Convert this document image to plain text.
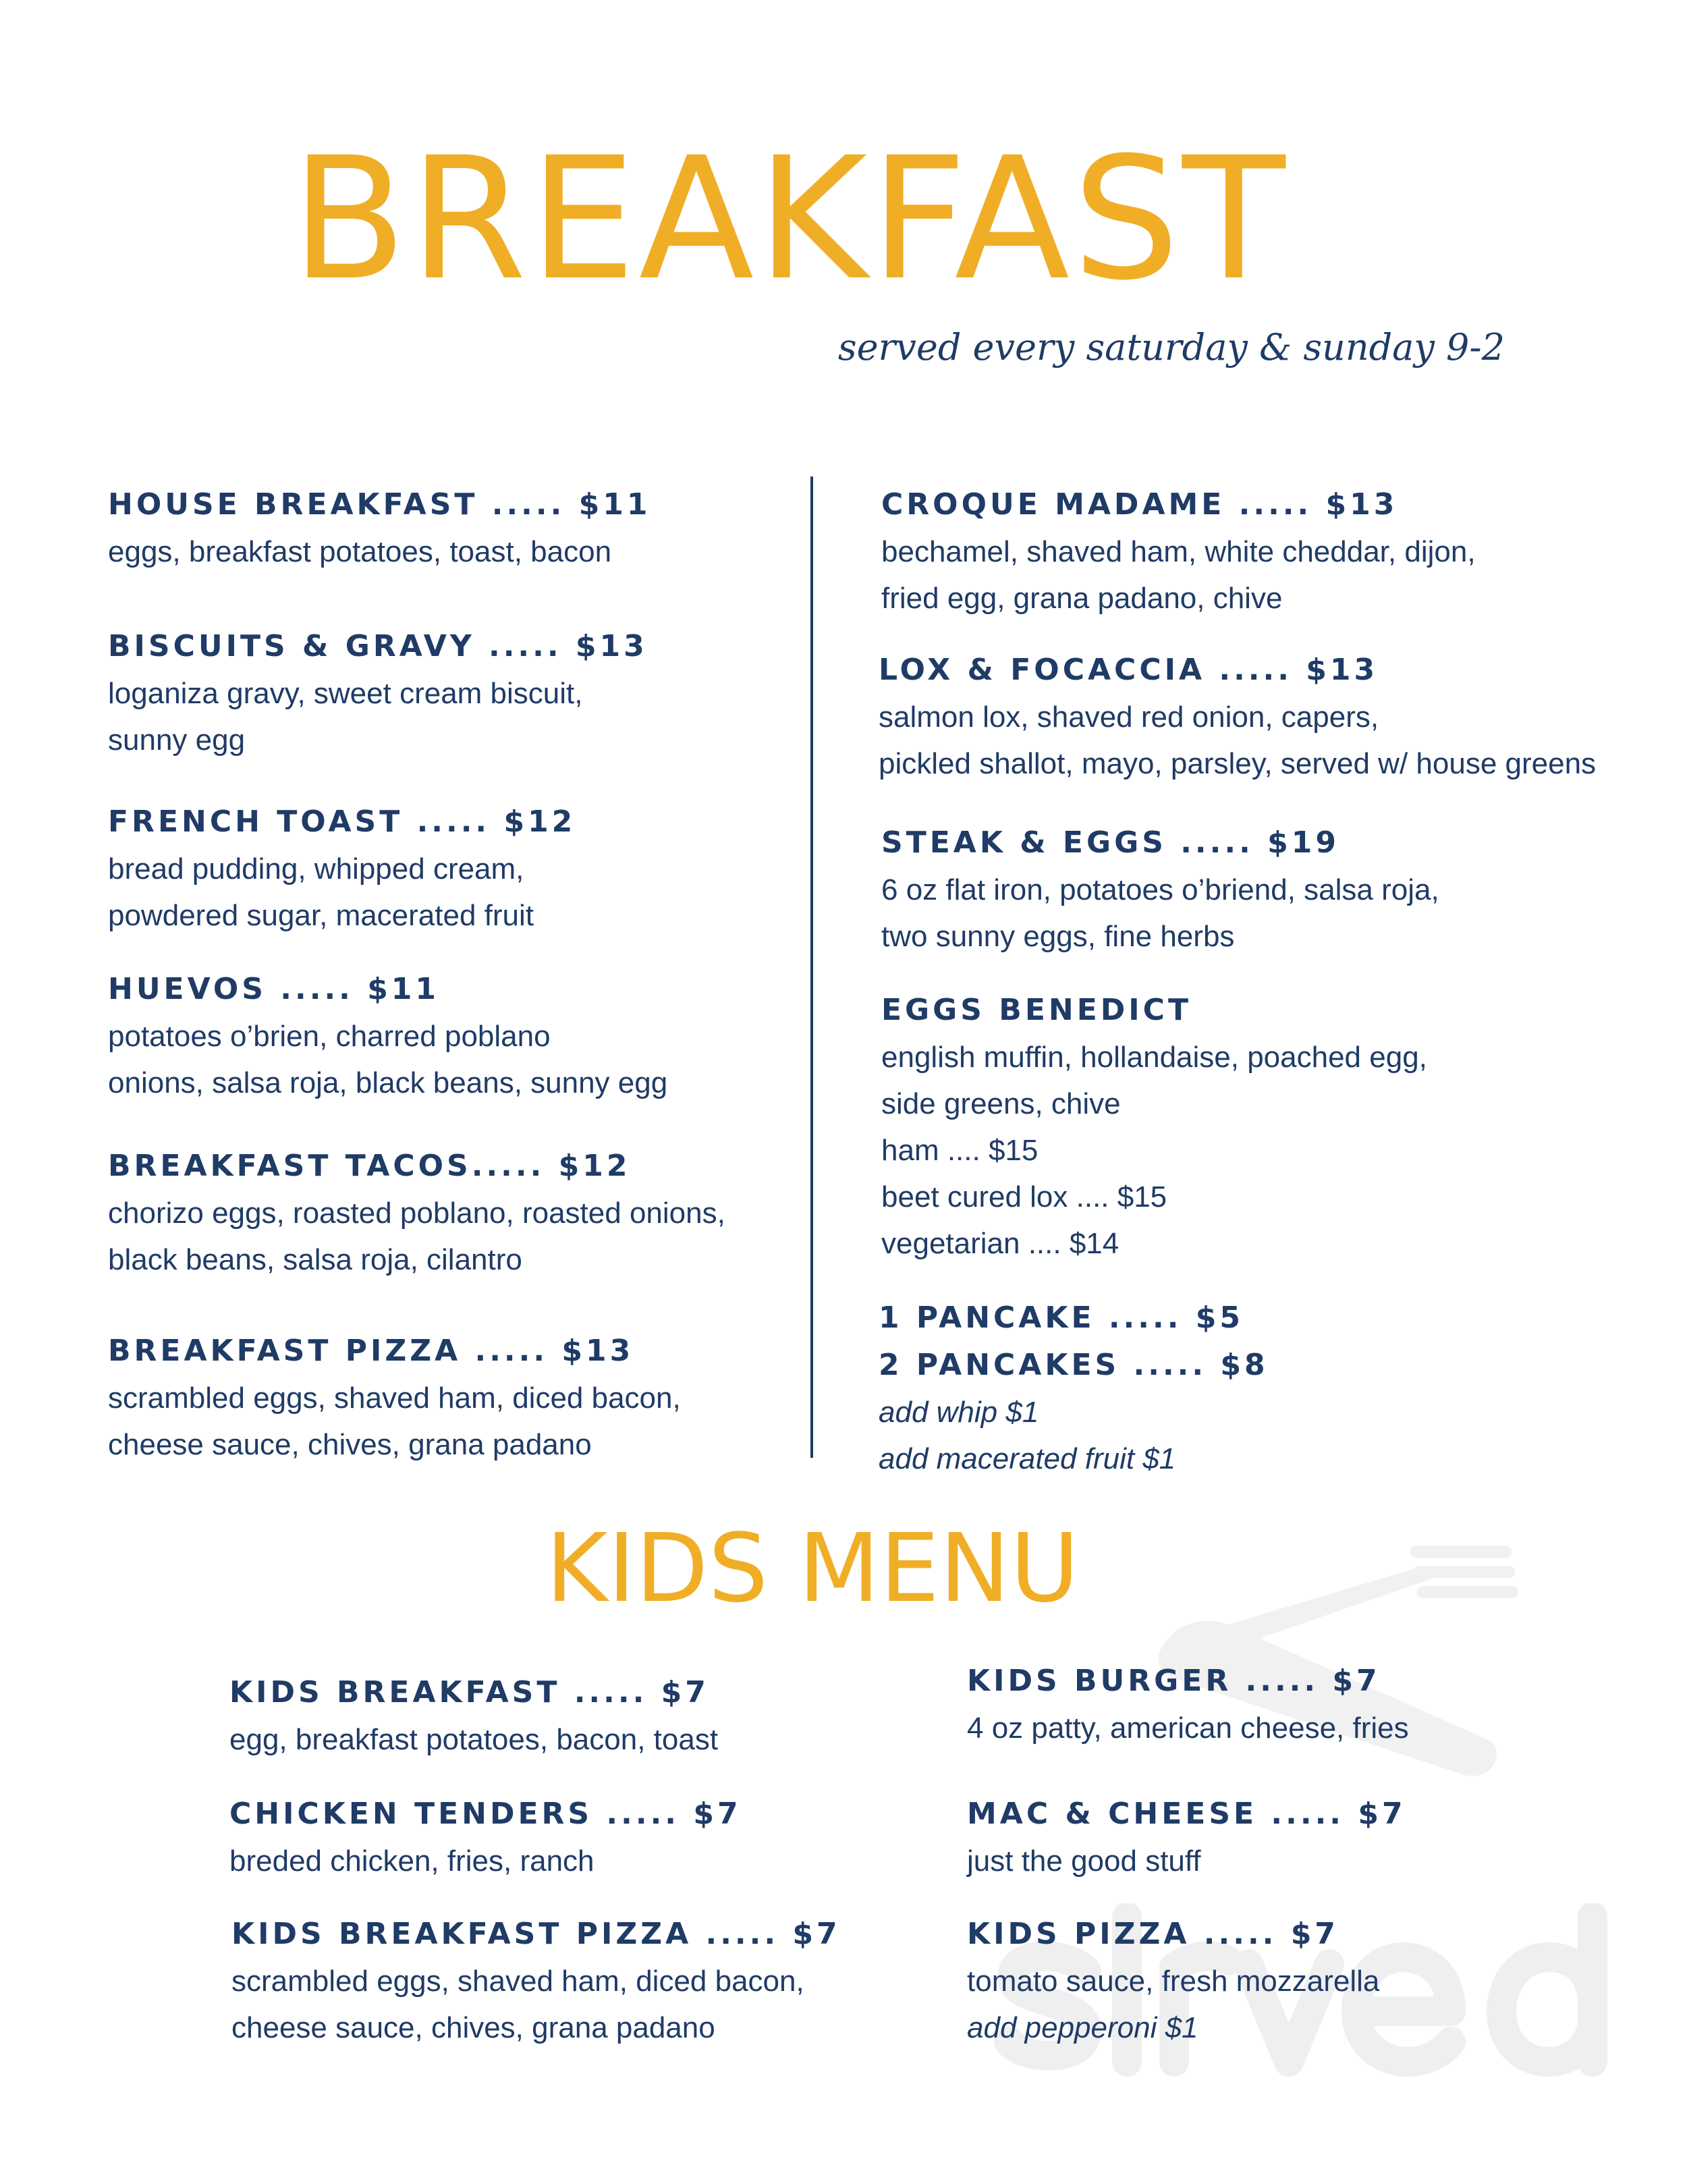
BREAKFAST
served every saturday & sunday 9-2
KIDS MENU
HOUSE BREAKFAST ..... $11
eggs, breakfast potatoes, toast, bacon
BISCUITS & GRAVY ..... $13
loganiza gravy, sweet cream biscuit,
sunny egg
FRENCH TOAST ..... $12
bread pudding, whipped cream,
powdered sugar, macerated fruit
HUEVOS ..... $11
potatoes o’brien, charred poblano
onions, salsa roja, black beans, sunny egg
BREAKFAST TACOS..... $12
chorizo eggs, roasted poblano, roasted onions,
black beans, salsa roja, cilantro
BREAKFAST PIZZA ..... $13
scrambled eggs, shaved ham, diced bacon,
cheese sauce, chives, grana padano
CROQUE MADAME ..... $13
bechamel, shaved ham, white cheddar, dijon,
fried egg, grana padano, chive
LOX & FOCACCIA ..... $13
salmon lox, shaved red onion, capers,
pickled shallot, mayo, parsley, served w/ house greens
STEAK & EGGS ..... $19
6 oz flat iron, potatoes o’briend, salsa roja,
two sunny eggs, fine herbs
EGGS BENEDICT
english muffin, hollandaise, poached egg,
side greens, chive
ham .... $15
beet cured lox .... $15
vegetarian .... $14
1 PANCAKE ..... $5
2 PANCAKES ..... $8
add whip $1
add macerated fruit $1
KIDS BREAKFAST ..... $7
egg, breakfast potatoes, bacon, toast
CHICKEN TENDERS ..... $7
breded chicken, fries, ranch
KIDS BREAKFAST PIZZA ..... $7
scrambled eggs, shaved ham, diced bacon,
cheese sauce, chives, grana padano
KIDS BURGER ..... $7
4 oz patty, american cheese, fries
MAC & CHEESE ..... $7
just the good stuff
KIDS PIZZA ..... $7
tomato sauce, fresh mozzarella
add pepperoni $1
